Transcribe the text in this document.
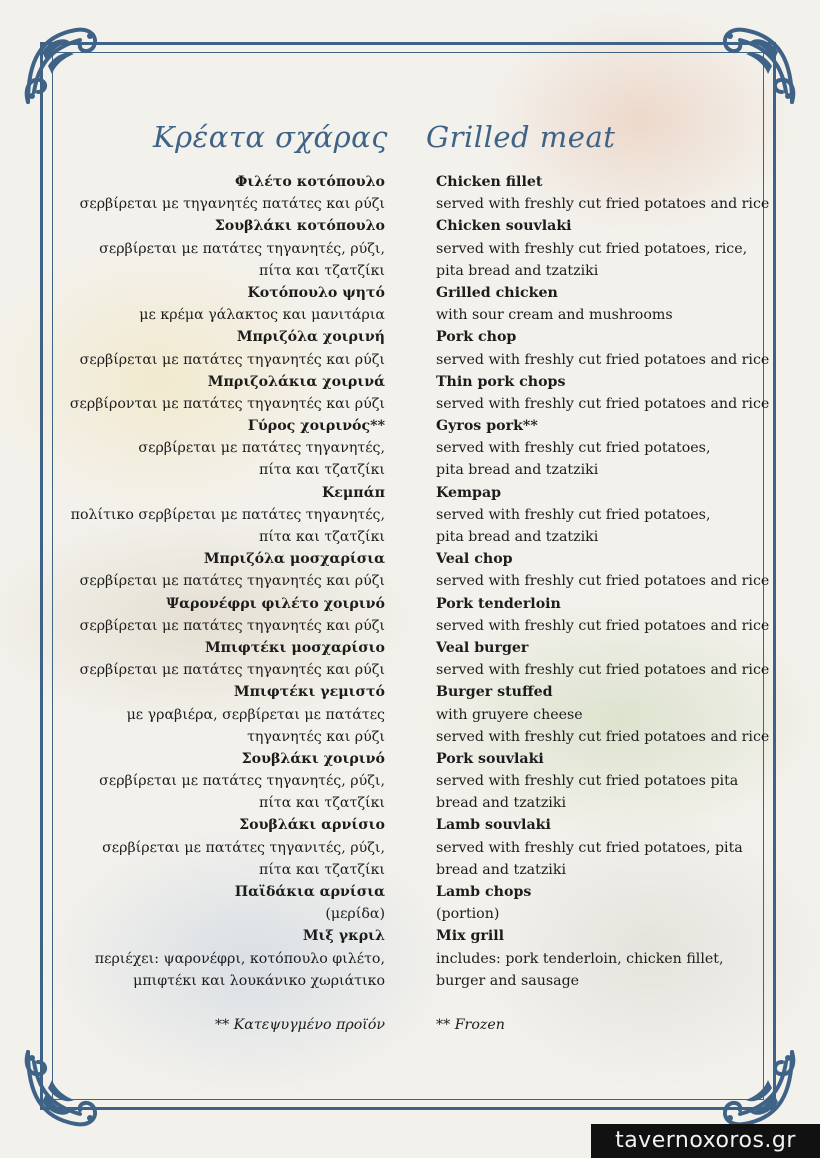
Κρέατα σχάρας Grilled meat
Φιλέτο κοτόπουλο
σερβίρεται με τηγανητές πατάτες και ρύζι
Σουβλάκι κοτόπουλο
σερβίρεται με πατάτες τηγανητές, ρύζι,
πίτα και τζατζίκι
Κοτόπουλο ψητό
με κρέμα γάλακτος και μανιτάρια
Μπριζόλα χοιρινή
σερβίρεται με πατάτες τηγανητές και ρύζι
Μπριζολάκια χοιρινά
σερβίρονται με πατάτες τηγανητές και ρύζι
Γύρος χοιρινός**
σερβίρεται με πατάτες τηγανητές,
πίτα και τζατζίκι
Κεμπάπ
πολίτικο σερβίρεται με πατάτες τηγανητές,
πίτα και τζατζίκι
Μπριζόλα μοσχαρίσια
σερβίρεται με πατάτες τηγανητές και ρύζι
Ψαρονέφρι φιλέτο χοιρινό
σερβίρεται με πατάτες τηγανητές και ρύζι
Μπιφτέκι μοσχαρίσιο
σερβίρεται με πατάτες τηγανητές και ρύζι
Μπιφτέκι γεμιστό
με γραβιέρα, σερβίρεται με πατάτες
τηγανητές και ρύζι
Σουβλάκι χοιρινό
σερβίρεται με πατάτες τηγανητές, ρύζι,
πίτα και τζατζίκι
Σουβλάκι αρνίσιο
σερβίρεται με πατάτες τηγανιτές, ρύζι,
πίτα και τζατζίκι
Παϊδάκια αρνίσια
(μερίδα)
Μιξ γκριλ
περιέχει: ψαρονέφρι, κοτόπουλο φιλέτο,
μπιφτέκι και λουκάνικο χωριάτικο
** Κατεψυγμένο προϊόν
Chicken fillet
served with freshly cut fried potatoes and rice
Chicken souvlaki
served with freshly cut fried potatoes, rice,
pita bread and tzatziki
Grilled chicken
with sour cream and mushrooms
Pork chop
served with freshly cut fried potatoes and rice
Thin pork chops
served with freshly cut fried potatoes and rice
Gyros pork**
served with freshly cut fried potatoes,
pita bread and tzatziki
Kempap
served with freshly cut fried potatoes,
pita bread and tzatziki
Veal chop
served with freshly cut fried potatoes and rice
Pork tenderloin
served with freshly cut fried potatoes and rice
Veal burger
served with freshly cut fried potatoes and rice
Burger stuffed
with gruyere cheese
served with freshly cut fried potatoes and rice
Pork souvlaki
served with freshly cut fried potatoes pita
bread and tzatziki
Lamb souvlaki
served with freshly cut fried potatoes, pita
bread and tzatziki
Lamb chops
(portion)
Mix grill
includes: pork tenderloin, chicken fillet,
burger and sausage
** Frozen
tavernoxoros.gr
